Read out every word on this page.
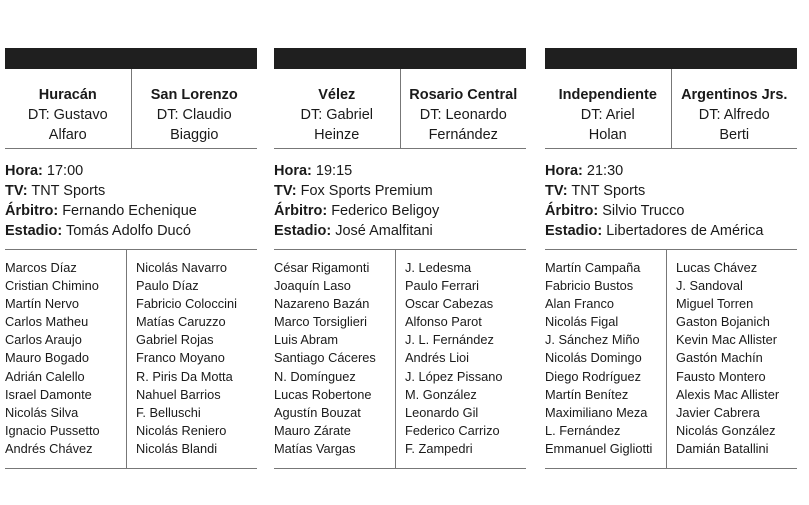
Huracán
DT: Gustavo
Alfaro
San Lorenzo
DT: Claudio
Biaggio
Hora: 17:00
TV: TNT Sports
Árbitro: Fernando Echenique
Estadio: Tomás Adolfo Ducó
Marcos Díaz
Cristian Chimino
Martín Nervo
Carlos Matheu
Carlos Araujo
Mauro Bogado
Adrián Calello
Israel Damonte
Nicolás Silva
Ignacio Pussetto
Andrés Chávez
Nicolás Navarro
Paulo Díaz
Fabricio Coloccini
Matías Caruzzo
Gabriel Rojas
Franco Moyano
R. Piris Da Motta
Nahuel Barrios
F. Belluschi
Nicolás Reniero
Nicolás Blandi
Vélez
DT: Gabriel
Heinze
Rosario Central
DT: Leonardo
Fernández
Hora: 19:15
TV: Fox Sports Premium
Árbitro: Federico Beligoy
Estadio: José Amalfitani
César Rigamonti
Joaquín Laso
Nazareno Bazán
Marco Torsiglieri
Luis Abram
Santiago Cáceres
N. Domínguez
Lucas Robertone
Agustín Bouzat
Mauro Zárate
Matías Vargas
J. Ledesma
Paulo Ferrari
Oscar Cabezas
Alfonso Parot
J. L. Fernández
Andrés Lioi
J. López Pissano
M. González
Leonardo Gil
Federico Carrizo
F. Zampedri
Independiente
DT: Ariel
Holan
Argentinos Jrs.
DT: Alfredo
Berti
Hora: 21:30
TV: TNT Sports
Árbitro: Silvio Trucco
Estadio: Libertadores de América
Martín Campaña
Fabricio Bustos
Alan Franco
Nicolás Figal
J. Sánchez Miño
Nicolás Domingo
Diego Rodríguez
Martín Benítez
Maximiliano Meza
L. Fernández
Emmanuel Gigliotti
Lucas Chávez
J. Sandoval
Miguel Torren
Gaston Bojanich
Kevin Mac Allister
Gastón Machín
Fausto Montero
Alexis Mac Allister
Javier Cabrera
Nicolás González
Damián Batallini
